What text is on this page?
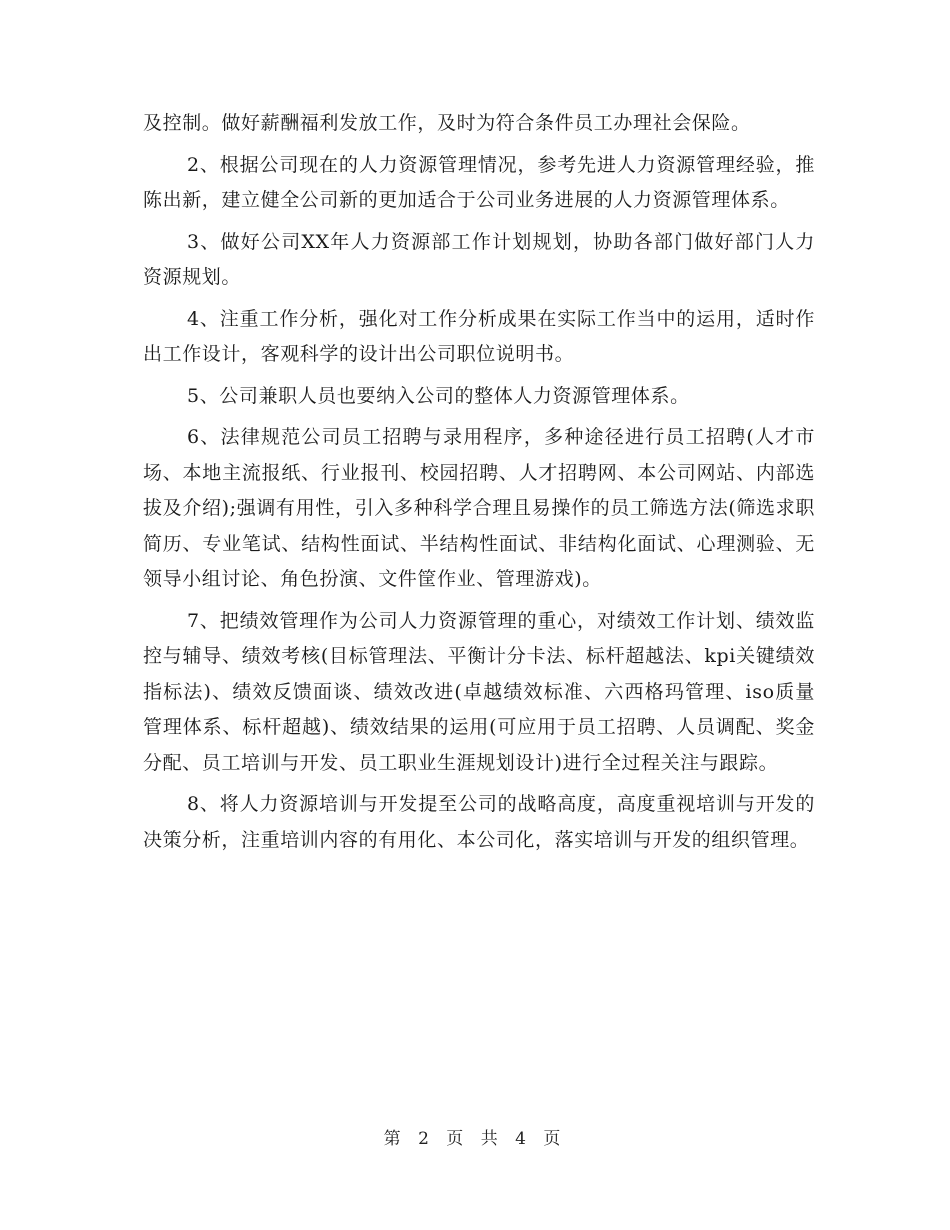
及控制。做好薪酬福利发放工作，及时为符合条件员工办理社会保险。

2、根据公司现在的人力资源管理情况，参考先进人力资源管理经验，推陈出新，建立健全公司新的更加适合于公司业务进展的人力资源管理体系。

3、做好公司XX年人力资源部工作计划规划，协助各部门做好部门人力资源规划。

4、注重工作分析，强化对工作分析成果在实际工作当中的运用，适时作出工作设计，客观科学的设计出公司职位说明书。

5、公司兼职人员也要纳入公司的整体人力资源管理体系。

6、法律规范公司员工招聘与录用程序，多种途径进行员工招聘(人才市场、本地主流报纸、行业报刊、校园招聘、人才招聘网、本公司网站、内部选拔及介绍);强调有用性，引入多种科学合理且易操作的员工筛选方法(筛选求职简历、专业笔试、结构性面试、半结构性面试、非结构化面试、心理测验、无领导小组讨论、角色扮演、文件筐作业、管理游戏)。

7、把绩效管理作为公司人力资源管理的重心，对绩效工作计划、绩效监控与辅导、绩效考核(目标管理法、平衡计分卡法、标杆超越法、kpi关键绩效指标法)、绩效反馈面谈、绩效改进(卓越绩效标准、六西格玛管理、iso质量管理体系、标杆超越)、绩效结果的运用(可应用于员工招聘、人员调配、奖金分配、员工培训与开发、员工职业生涯规划设计)进行全过程关注与跟踪。

8、将人力资源培训与开发提至公司的战略高度，高度重视培训与开发的决策分析，注重培训内容的有用化、本公司化，落实培训与开发的组织管理。

第 2 页 共 4 页
